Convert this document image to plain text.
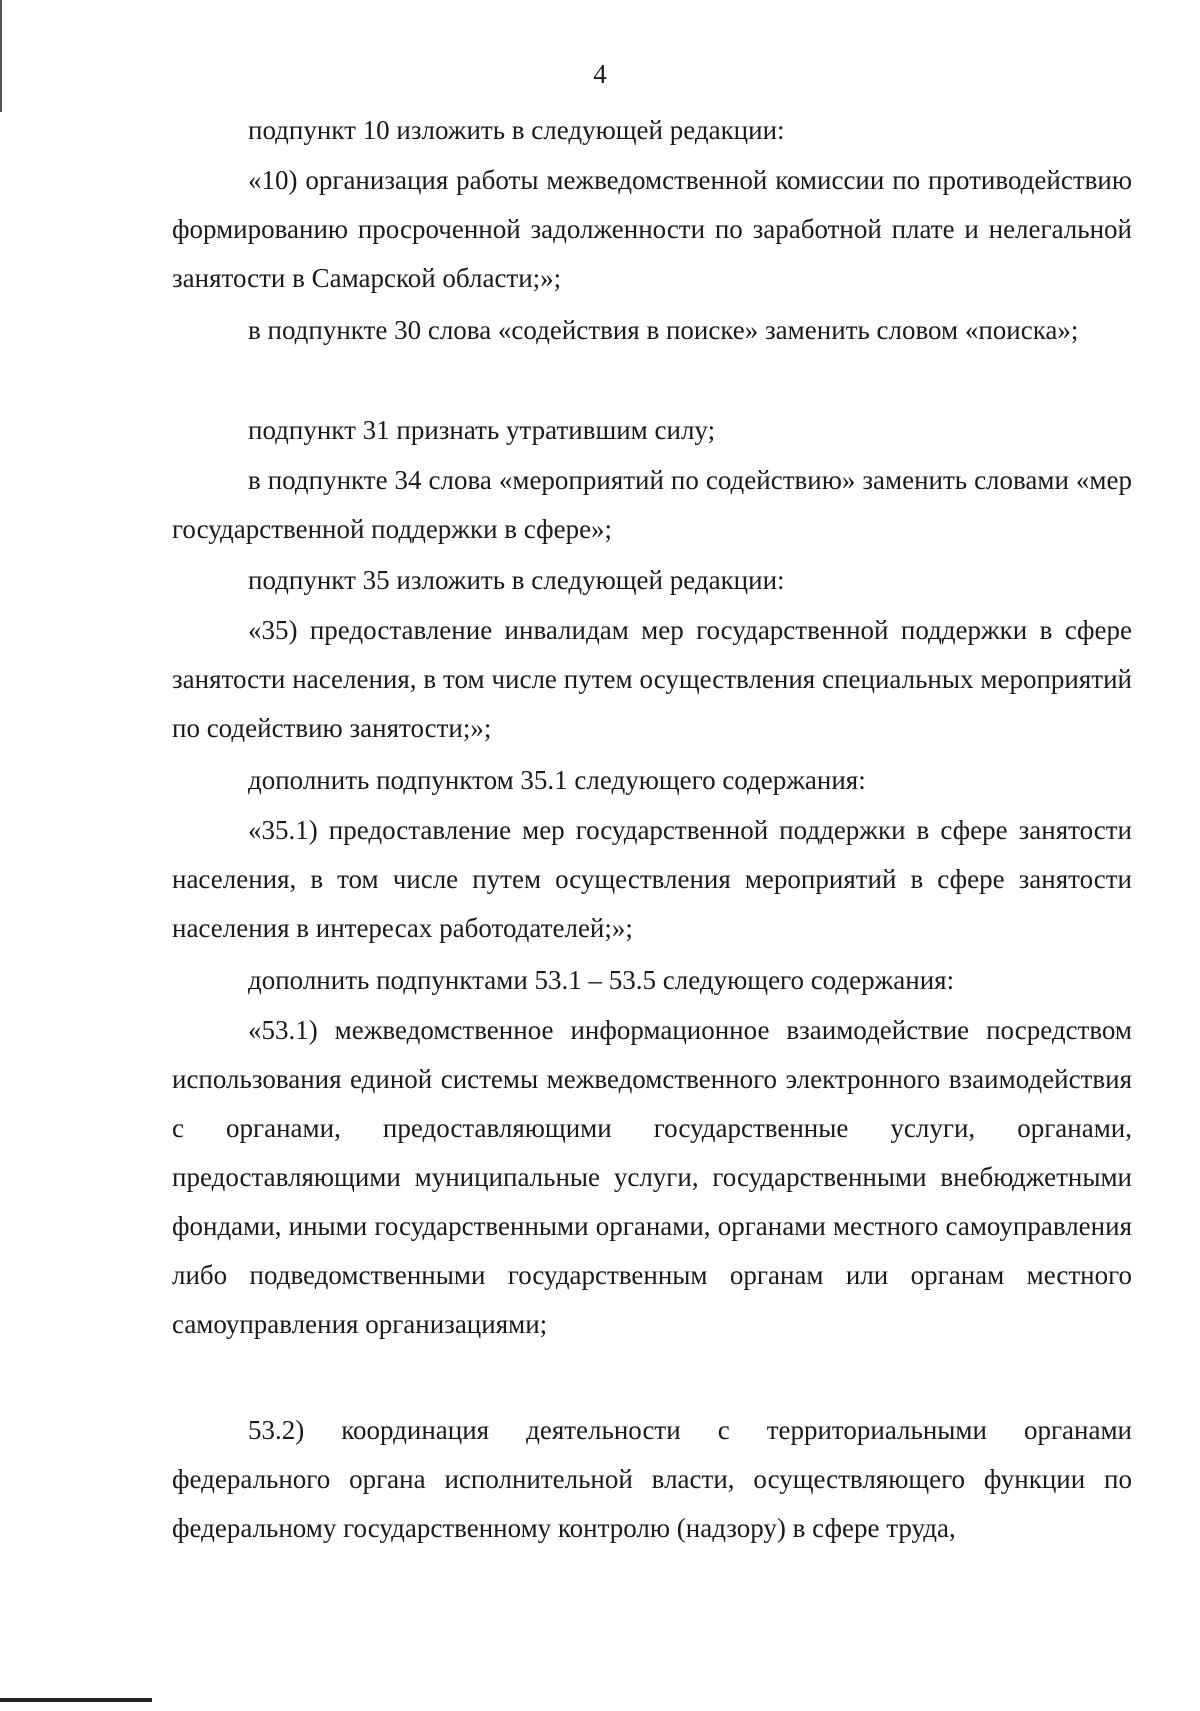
4

подпункт 10 изложить в следующей редакции:

«10) организация работы межведомственной комиссии по противодействию формированию просроченной задолженности по заработной плате и нелегальной занятости в Самарской области;»;

в подпункте 30 слова «содействия в поиске» заменить словом «поиска»;

подпункт 31 признать утратившим силу;

в подпункте 34 слова «мероприятий по содействию» заменить словами «мер государственной поддержки в сфере»;

подпункт 35 изложить в следующей редакции:

«35) предоставление инвалидам мер государственной поддержки в сфере занятости населения, в том числе путем осуществления специальных мероприятий по содействию занятости;»;

дополнить подпунктом 35.1 следующего содержания:

«35.1) предоставление мер государственной поддержки в сфере занятости населения, в том числе путем осуществления мероприятий в сфере занятости населения в интересах работодателей;»;

дополнить подпунктами 53.1 – 53.5 следующего содержания:

«53.1) межведомственное информационное взаимодействие посредством использования единой системы межведомственного электронного взаимодействия с органами, предоставляющими государственные услуги, органами, предоставляющими муниципальные услуги, государственными внебюджетными фондами, иными государственными органами, органами местного самоуправления либо подведомственными государственным органам или органам местного самоуправления организациями;

53.2) координация деятельности с территориальными органами федерального органа исполнительной власти, осуществляющего функции по федеральному государственному контролю (надзору) в сфере труда,
